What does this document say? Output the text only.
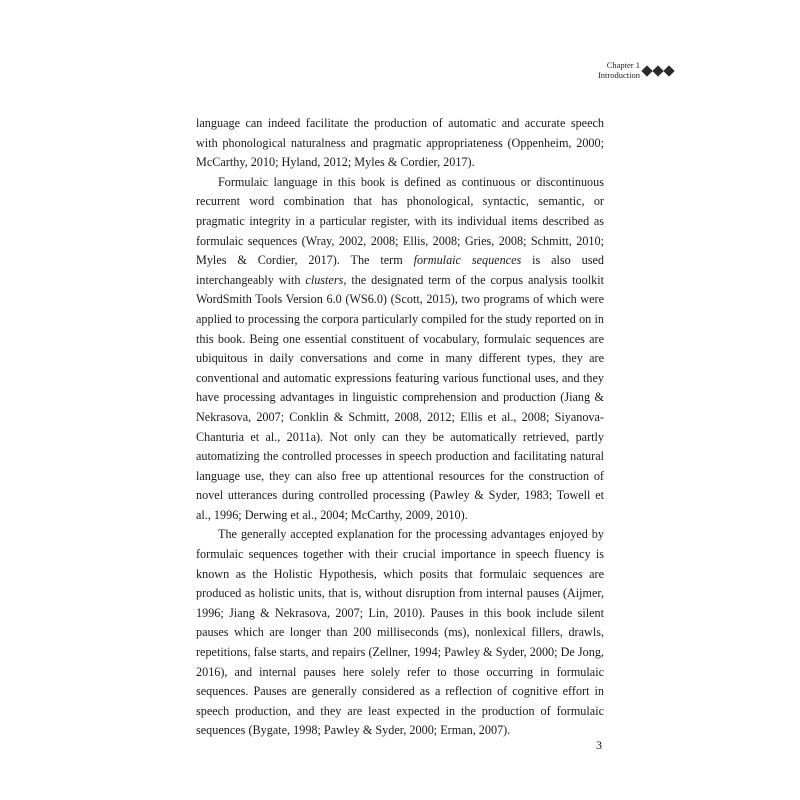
Chapter 1
Introduction

language can indeed facilitate the production of automatic and accurate speech with phonological naturalness and pragmatic appropriateness (Oppenheim, 2000; McCarthy, 2010; Hyland, 2012; Myles & Cordier, 2017).

Formulaic language in this book is defined as continuous or discontinuous recurrent word combination that has phonological, syntactic, semantic, or pragmatic integrity in a particular register, with its individual items described as formulaic sequences (Wray, 2002, 2008; Ellis, 2008; Gries, 2008; Schmitt, 2010; Myles & Cordier, 2017). The term formulaic sequences is also used interchangeably with clusters, the designated term of the corpus analysis toolkit WordSmith Tools Version 6.0 (WS6.0) (Scott, 2015), two programs of which were applied to processing the corpora particularly compiled for the study reported on in this book. Being one essential constituent of vocabulary, formulaic sequences are ubiquitous in daily conversations and come in many different types, they are conventional and automatic expressions featuring various functional uses, and they have processing advantages in linguistic comprehension and production (Jiang & Nekrasova, 2007; Conklin & Schmitt, 2008, 2012; Ellis et al., 2008; Siyanova-Chanturia et al., 2011a). Not only can they be automatically retrieved, partly automatizing the controlled processes in speech production and facilitating natural language use, they can also free up attentional resources for the construction of novel utterances during controlled processing (Pawley & Syder, 1983; Towell et al., 1996; Derwing et al., 2004; McCarthy, 2009, 2010).

The generally accepted explanation for the processing advantages enjoyed by formulaic sequences together with their crucial importance in speech fluency is known as the Holistic Hypothesis, which posits that formulaic sequences are produced as holistic units, that is, without disruption from internal pauses (Aijmer, 1996; Jiang & Nekrasova, 2007; Lin, 2010). Pauses in this book include silent pauses which are longer than 200 milliseconds (ms), nonlexical fillers, drawls, repetitions, false starts, and repairs (Zellner, 1994; Pawley & Syder, 2000; De Jong, 2016), and internal pauses here solely refer to those occurring in formulaic sequences. Pauses are generally considered as a reflection of cognitive effort in speech production, and they are least expected in the production of formulaic sequences (Bygate, 1998; Pawley & Syder, 2000; Erman, 2007).

3
